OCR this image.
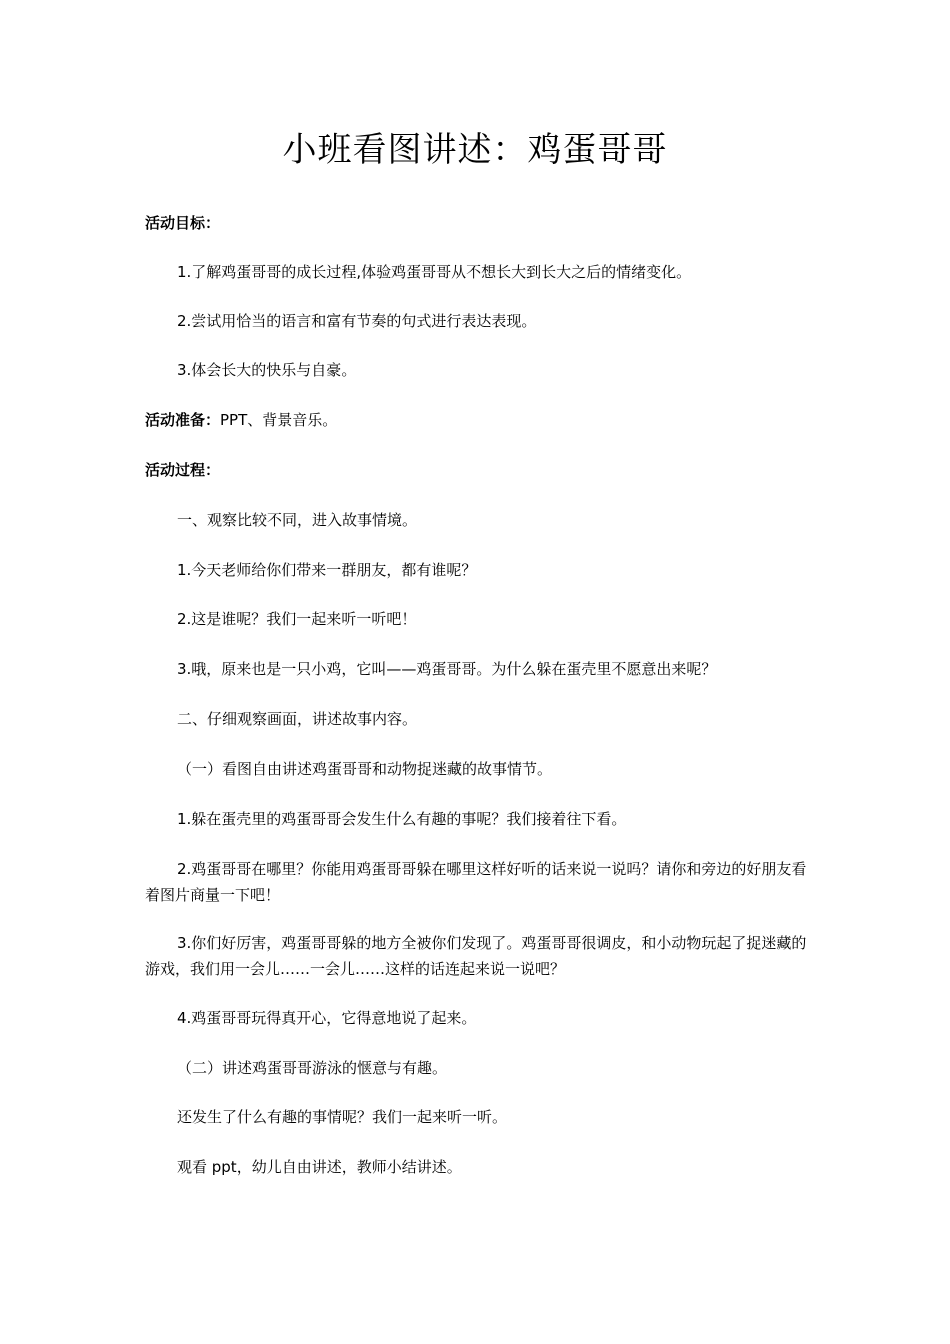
小班看图讲述：鸡蛋哥哥
活动目标：
1.了解鸡蛋哥哥的成长过程,体验鸡蛋哥哥从不想长大到长大之后的情绪变化。
2.尝试用恰当的语言和富有节奏的句式进行表达表现。
3.体会长大的快乐与自豪。
活动准备：PPT、背景音乐。
活动过程：
一、观察比较不同，进入故事情境。
1.今天老师给你们带来一群朋友，都有谁呢？
2.这是谁呢？我们一起来听一听吧！
3.哦，原来也是一只小鸡，它叫——鸡蛋哥哥。为什么躲在蛋壳里不愿意出来呢？
二、仔细观察画面，讲述故事内容。
（一）看图自由讲述鸡蛋哥哥和动物捉迷藏的故事情节。
1.躲在蛋壳里的鸡蛋哥哥会发生什么有趣的事呢？我们接着往下看。
2.鸡蛋哥哥在哪里？你能用鸡蛋哥哥躲在哪里这样好听的话来说一说吗？请你和旁边的好朋友看着图片商量一下吧！
3.你们好厉害，鸡蛋哥哥躲的地方全被你们发现了。鸡蛋哥哥很调皮，和小动物玩起了捉迷藏的游戏，我们用一会儿……一会儿……这样的话连起来说一说吧？
4.鸡蛋哥哥玩得真开心，它得意地说了起来。
（二）讲述鸡蛋哥哥游泳的惬意与有趣。
还发生了什么有趣的事情呢？我们一起来听一听。
观看 ppt，幼儿自由讲述，教师小结讲述。
